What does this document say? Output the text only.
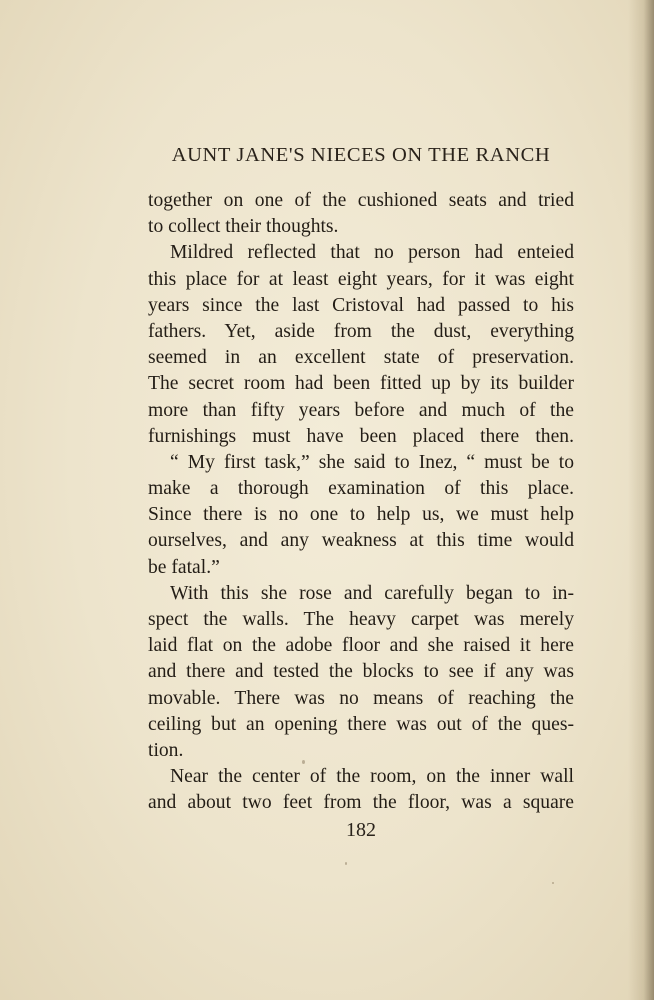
AUNT JANE'S NIECES ON THE RANCH
together on one of the cushioned seats and tried
to collect their thoughts.
Mildred reflected that no person had enteied
this place for at least eight years, for it was eight
years since the last Cristoval had passed to his
fathers. Yet, aside from the dust, everything
seemed in an excellent state of preservation.
The secret room had been fitted up by its builder
more than fifty years before and much of the
furnishings must have been placed there then.
“ My first task,” she said to Inez, “ must be to
make a thorough examination of this place.
Since there is no one to help us, we must help
ourselves, and any weakness at this time would
be fatal.”
With this she rose and carefully began to in-
spect the walls. The heavy carpet was merely
laid flat on the adobe floor and she raised it here
and there and tested the blocks to see if any was
movable. There was no means of reaching the
ceiling but an opening there was out of the ques-
tion.
Near the center of the room, on the inner wall
and about two feet from the floor, was a square
182
